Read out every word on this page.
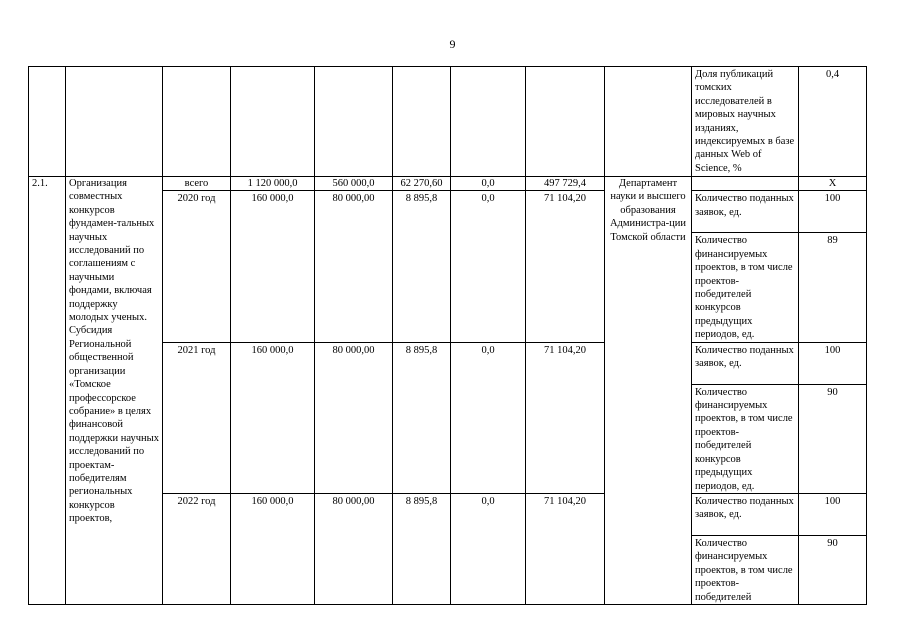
9
									Доля публикаций томских исследователей в мировых научных изданиях, индексируемых в базе данных Web of Science, %	0,4
2.1.	Организация совместных конкурсов фундамен-тальных научных исследований по соглашениям с научными фондами, включая поддержку молодых ученых. Субсидия Региональной общественной организации «Томское профессорское собрание» в целях финансовой поддержки научных исследований по проектам-победителям региональных конкурсов проектов,	всего	1 120 000,0	560 000,0	62 270,60	0,0	497 729,4	Департамент науки и высшего образования Администра-ции Томской области		Х
		2020 год	160 000,0	80 000,00	8 895,8	0,0	71 104,20		Количество поданных заявок, ед.	100
									Количество финансируемых проектов, в том числе проектов-победителей конкурсов предыдущих периодов, ед.	89
		2021 год	160 000,0	80 000,00	8 895,8	0,0	71 104,20		Количество поданных заявок, ед.	100
									Количество финансируемых проектов, в том числе проектов-победителей конкурсов предыдущих периодов, ед.	90
		2022 год	160 000,0	80 000,00	8 895,8	0,0	71 104,20		Количество поданных заявок, ед.	100
									Количество финансируемых проектов, в том числе проектов-победителей	90
